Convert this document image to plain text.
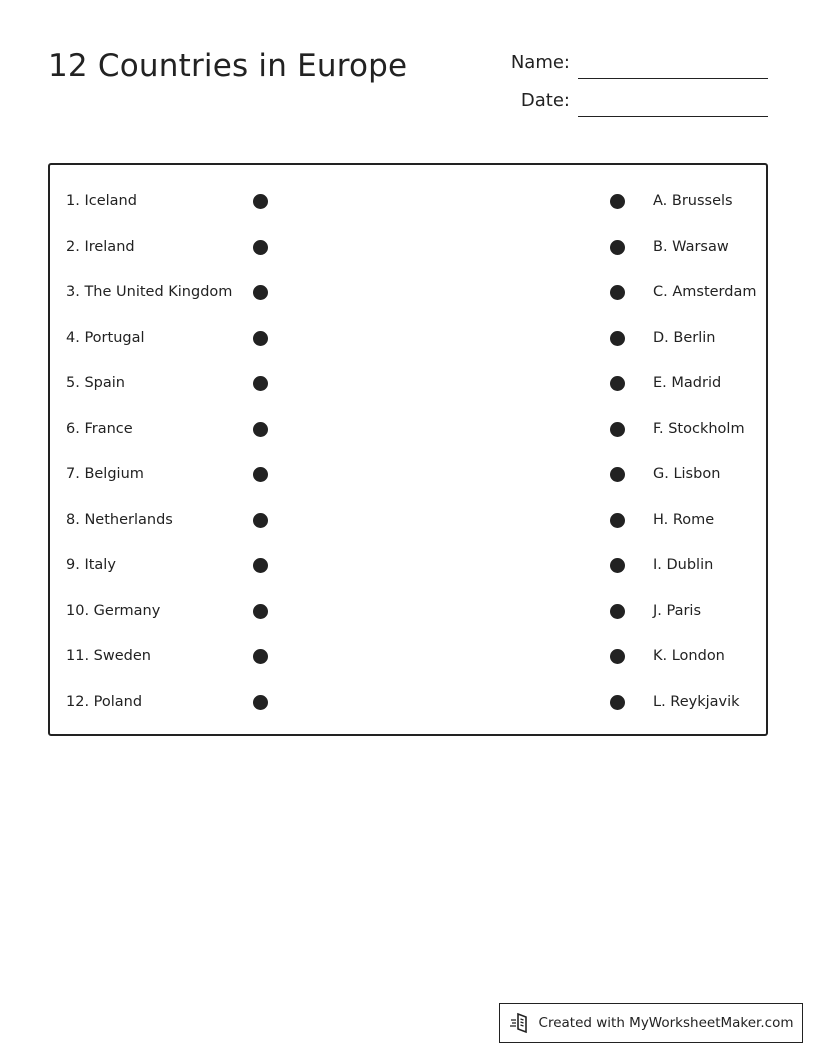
12 Countries in Europe	Name:
Date:
1. Iceland	A. Brussels
2. Ireland	B. Warsaw
3. The United Kingdom	C. Amsterdam
4. Portugal	D. Berlin
5. Spain	E. Madrid
6. France	F. Stockholm
7. Belgium	G. Lisbon
8. Netherlands	H. Rome
9. Italy	I. Dublin
10. Germany	J. Paris
11. Sweden	K. London
12. Poland	L. Reykjavik
Created with MyWorksheetMaker.com
